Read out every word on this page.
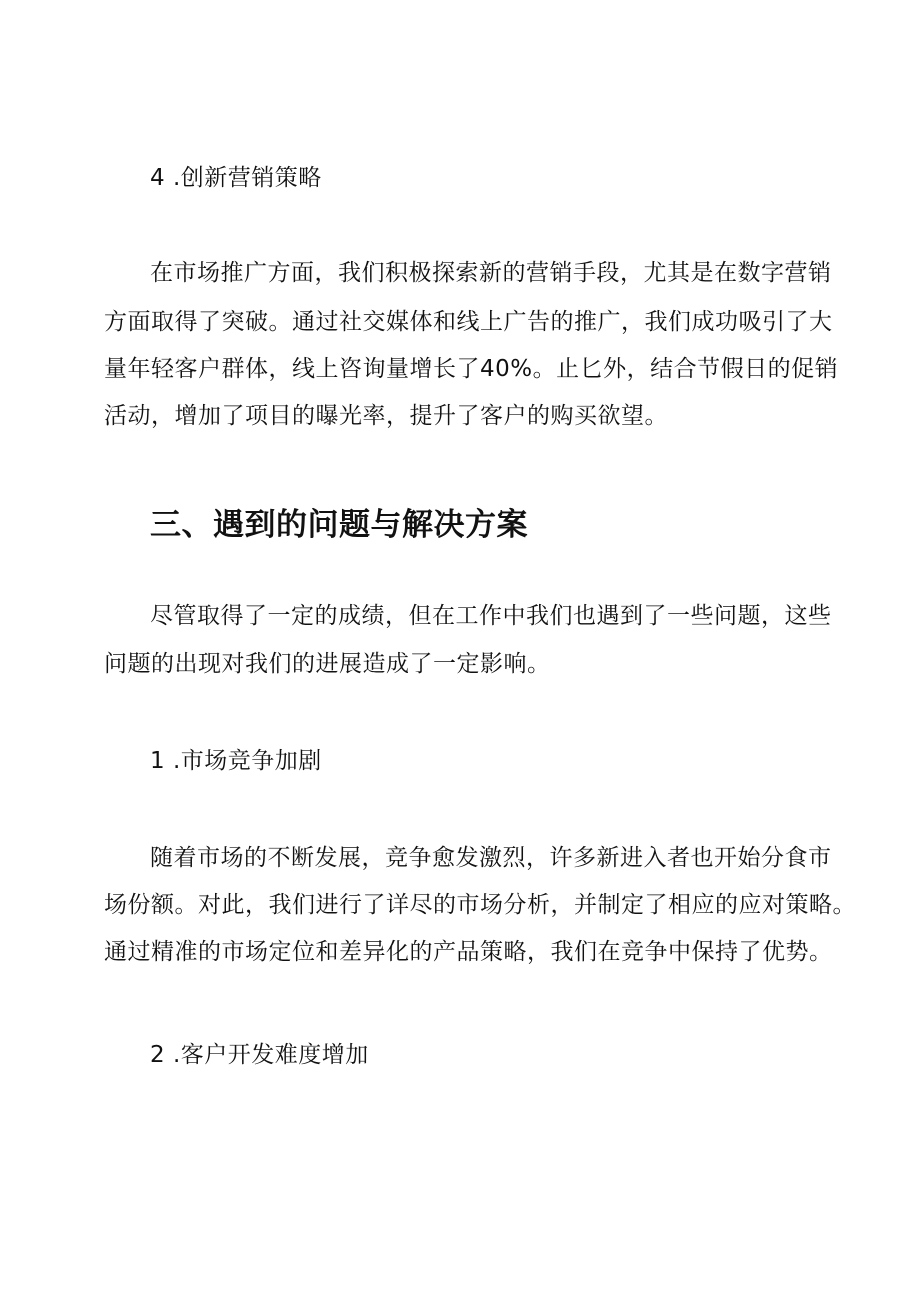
4 .创新营销策略
在市场推广方面，我们积极探索新的营销手段，尤其是在数字营销
方面取得了突破。通过社交媒体和线上广告的推广，我们成功吸引了大
量年轻客户群体，线上咨询量增长了40%。止匕外，结合节假日的促销
活动，增加了项目的曝光率，提升了客户的购买欲望。
三、遇到的问题与解决方案
尽管取得了一定的成绩，但在工作中我们也遇到了一些问题，这些
问题的出现对我们的进展造成了一定影响。
1 .市场竞争加剧
随着市场的不断发展，竞争愈发激烈，许多新进入者也开始分食市
场份额。对此，我们进行了详尽的市场分析，并制定了相应的应对策略。
通过精准的市场定位和差异化的产品策略，我们在竞争中保持了优势。
2 .客户开发难度增加
